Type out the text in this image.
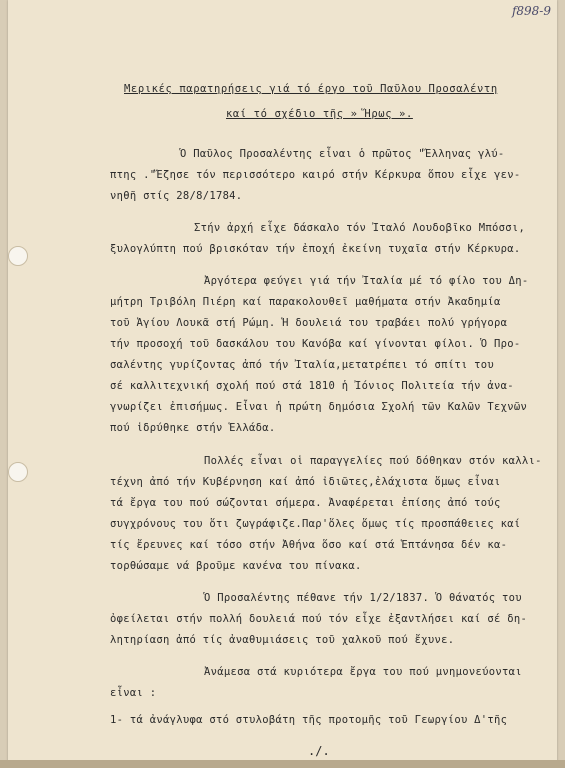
f898-9
Μερικές παρατηρήσεις γιά τό έργο τοῦ Παῦλου Προσαλέντη
καί τό σχέδιο τῆς » Ἥρως ».
Ὁ Παῦλος Προσαλέντης εἶναι ὁ πρῶτος "Ἕλληνας γλύ-
πτης ."Ἔζησε τόν περισσότερο καιρό στήν Κέρκυρα ὅπου εἶχε γεν-
νηθῆ στίς 28/8/1784.
Στήν ἀρχή εἶχε δάσκαλο τόν Ἰταλό Λουδοβῖκο Μπόσσι,
ξυλογλύπτη πού βρισκόταν τήν ἐποχή ἐκείνη τυχαῖα στήν Κέρκυρα.
Ἀργότερα φεύγει γιά τήν Ἰταλία μέ τό φίλο του Δη-
μήτρη Τριβόλη Πιέρη καί παρακολουθεῖ μαθήματα στήν Ἀκαδημία
τοῦ Ἁγίου Λουκᾶ στή Ρώμη. Ἡ δουλειά του τραβάει πολύ γρήγορα
τήν προσοχή τοῦ δασκάλου του Κανόβα καί γίνονται φίλοι. Ὁ Προ-
σαλέντης γυρίζοντας ἀπό τήν Ἰταλία,μετατρέπει τό σπίτι του
σέ καλλιτεχνική σχολή πού στά 1810 ἡ Ἰόνιος Πολιτεία τήν ἀνα-
γνωρίζει ἐπισήμως. Εἶναι ἡ πρώτη δημόσια Σχολή τῶν Καλῶν Τεχνῶν
πού ἱδρύθηκε στήν Ἑλλάδα.
Πολλές εἶναι οἱ παραγγελίες πού δόθηκαν στόν καλλι-
τέχνη ἀπό τήν Κυβέρνηση καί ἀπό ἰδιῶτες,ἐλάχιστα ὅμως εἶναι
τά ἔργα του πού σώζονται σήμερα. Ἀναφέρεται ἐπίσης ἀπό τούς
συγχρόνους του ὅτι ζωγράφιζε.Παρ'ὅλες ὅμως τίς προσπάθειες καί
τίς ἔρευνες καί τόσο στήν Ἀθήνα ὅσο καί στά Ἑπτάνησα δέν κα-
τορθώσαμε νά βροῦμε κανένα του πίνακα.
Ὁ Προσαλέντης πέθανε τήν 1/2/1837. Ὁ θάνατός του
ὀφείλεται στήν πολλή δουλειά πού τόν εἶχε ἐξαντλήσει καί σέ δη-
λητηρίαση ἀπό τίς ἀναθυμιάσεις τοῦ χαλκοῦ πού ἔχυνε.
Ἀνάμεσα στά κυριότερα ἔργα του πού μνημονεύονται
εἶναι :
1- τά ἀνάγλυφα στό στυλοβάτη τῆς προτομῆς τοῦ Γεωργίου Δ'τῆς
./.
